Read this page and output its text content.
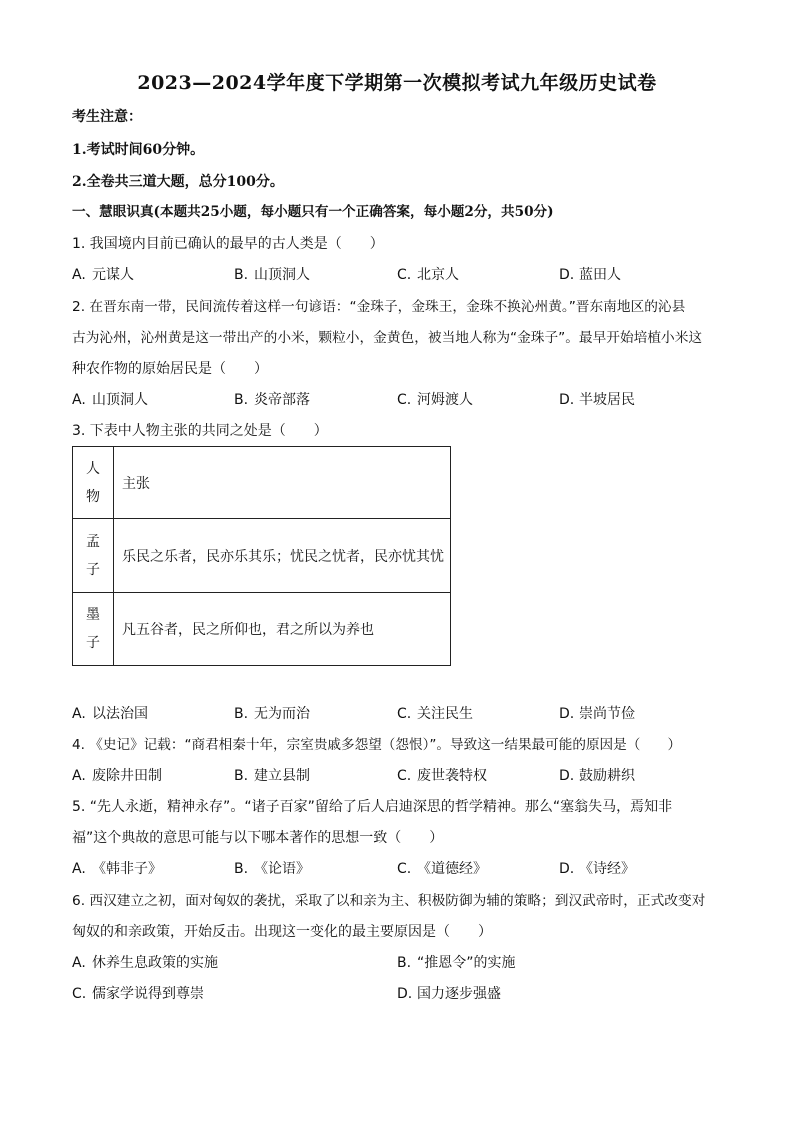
2023—2024学年度下学期第一次模拟考试九年级历史试卷
考生注意：
1.考试时间60分钟。
2.全卷共三道大题，总分100分。
一、慧眼识真(本题共25小题，每小题只有一个正确答案，每小题2分，共50分)
1. 我国境内目前已确认的最早的古人类是（　　）
A. 元谋人	B. 山顶洞人	C. 北京人	D. 蓝田人
2. 在晋东南一带，民间流传着这样一句谚语：“金珠子，金珠王，金珠不换沁州黄。”晋东南地区的沁县
古为沁州，沁州黄是这一带出产的小米，颗粒小，金黄色，被当地人称为“金珠子”。最早开始培植小米这
种农作物的原始居民是（　　）
A. 山顶洞人	B. 炎帝部落	C. 河姆渡人	D. 半坡居民
3. 下表中人物主张的共同之处是（　　）
人
物	主张

孟
子	乐民之乐者，民亦乐其乐；忧民之忧者，民亦忧其忧

墨
子	凡五谷者，民之所仰也，君之所以为养也
A. 以法治国	B. 无为而治	C. 关注民生	D. 崇尚节俭
4. 《史记》记载：“商君相秦十年，宗室贵戚多怨望（怨恨）”。导致这一结果最可能的原因是（　　）
A. 废除井田制	B. 建立县制	C. 废世袭特权	D. 鼓励耕织
5. “先人永逝，精神永存”。“诸子百家”留给了后人启迪深思的哲学精神。那么“塞翁失马，焉知非
福”这个典故的意思可能与以下哪本著作的思想一致（　　）
A. 《韩非子》	B. 《论语》	C. 《道德经》	D. 《诗经》
6. 西汉建立之初，面对匈奴的袭扰，采取了以和亲为主、积极防御为辅的策略；到汉武帝时，正式改变对
匈奴的和亲政策，开始反击。出现这一变化的最主要原因是（　　）
A. 休养生息政策的实施	B. “推恩令”的实施
C. 儒家学说得到尊崇	D. 国力逐步强盛
